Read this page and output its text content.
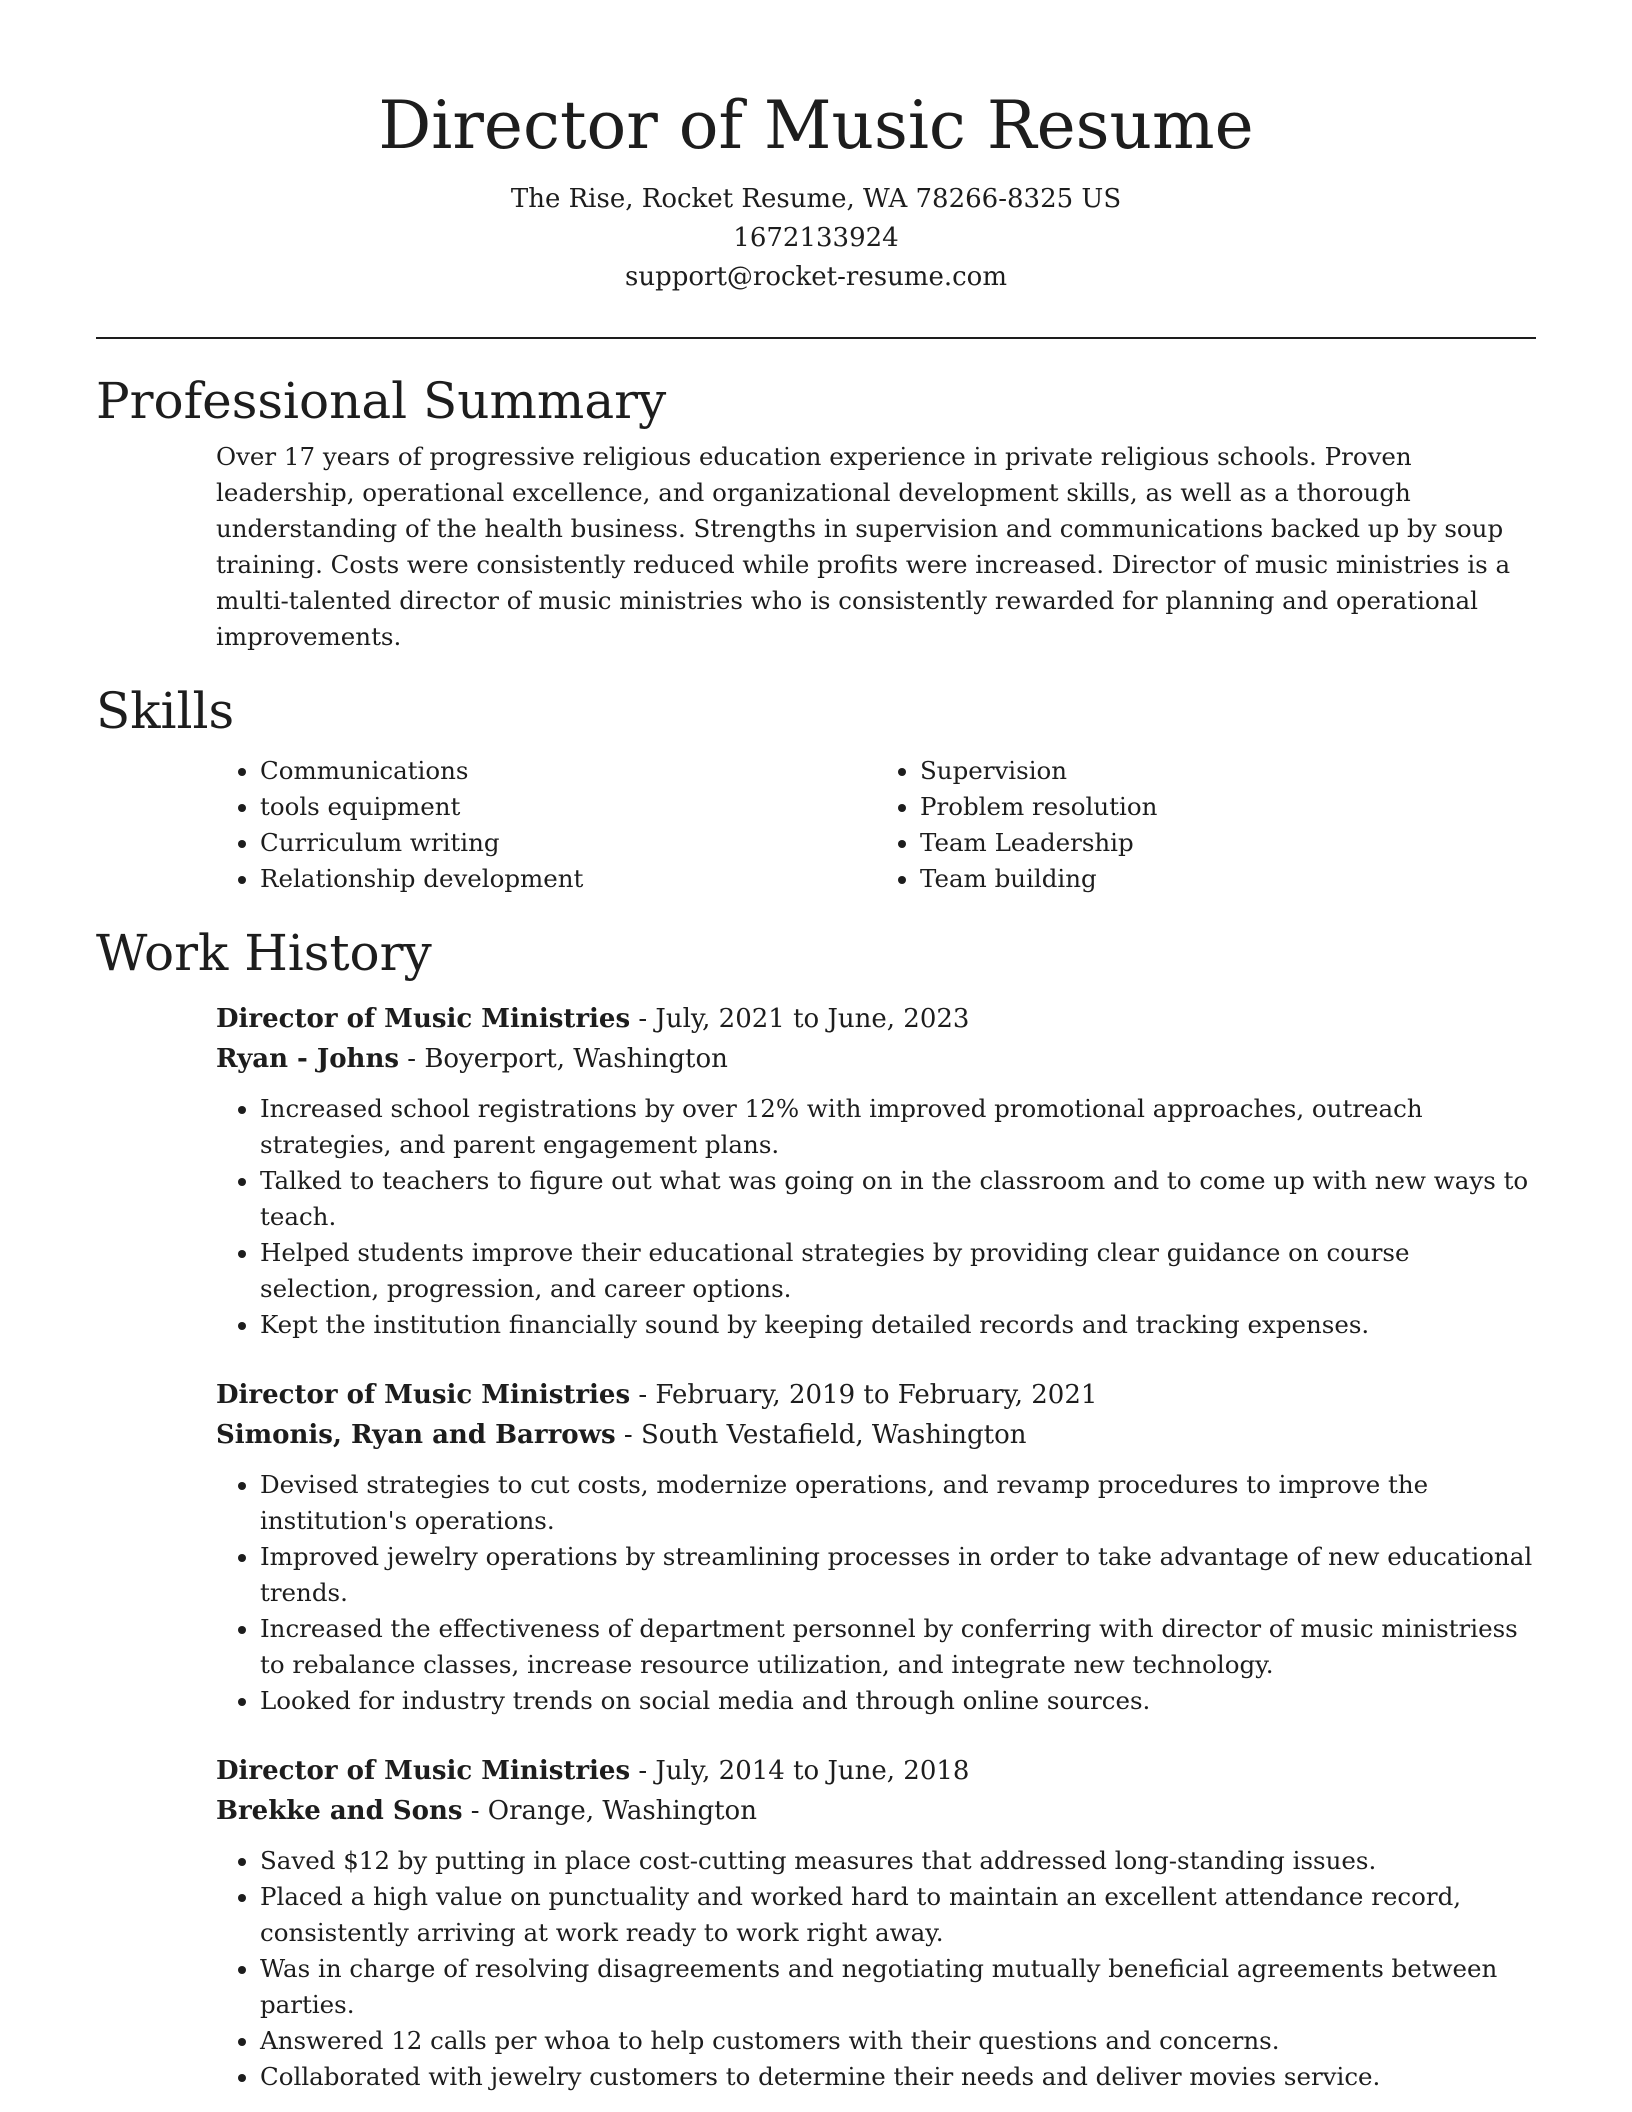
Director of Music Resume

The Rise, Rocket Resume, WA 78266-8325 US

1672133924

support@rocket-resume.com

Professional Summary

Over 17 years of progressive religious education experience in private religious schools. Proven leadership, operational excellence, and organizational development skills, as well as a thorough understanding of the health business. Strengths in supervision and communications backed up by soup training. Costs were consistently reduced while profits were increased. Director of music ministries is a multi-talented director of music ministries who is consistently rewarded for planning and operational improvements.

Skills
• Communications
• tools equipment
• Curriculum writing
• Relationship development
• Supervision
• Problem resolution
• Team Leadership
• Team building
Work History

Director of Music Ministries - July, 2021 to June, 2023

Ryan - Johns - Boyerport, Washington

• Increased school registrations by over 12% with improved promotional approaches, outreach strategies, and parent engagement plans.
• Talked to teachers to figure out what was going on in the classroom and to come up with new ways to teach.
• Helped students improve their educational strategies by providing clear guidance on course selection, progression, and career options.
• Kept the institution financially sound by keeping detailed records and tracking expenses.

Director of Music Ministries - February, 2019 to February, 2021

Simonis, Ryan and Barrows - South Vestafield, Washington

• Devised strategies to cut costs, modernize operations, and revamp procedures to improve the institution's operations.
• Improved jewelry operations by streamlining processes in order to take advantage of new educational trends.
• Increased the effectiveness of department personnel by conferring with director of music ministriess to rebalance classes, increase resource utilization, and integrate new technology.
• Looked for industry trends on social media and through online sources.

Director of Music Ministries - July, 2014 to June, 2018

Brekke and Sons - Orange, Washington

• Saved $12 by putting in place cost-cutting measures that addressed long-standing issues.
• Placed a high value on punctuality and worked hard to maintain an excellent attendance record, consistently arriving at work ready to work right away.
• Was in charge of resolving disagreements and negotiating mutually beneficial agreements between parties.
• Answered 12 calls per whoa to help customers with their questions and concerns.
• Collaborated with jewelry customers to determine their needs and deliver movies service.
